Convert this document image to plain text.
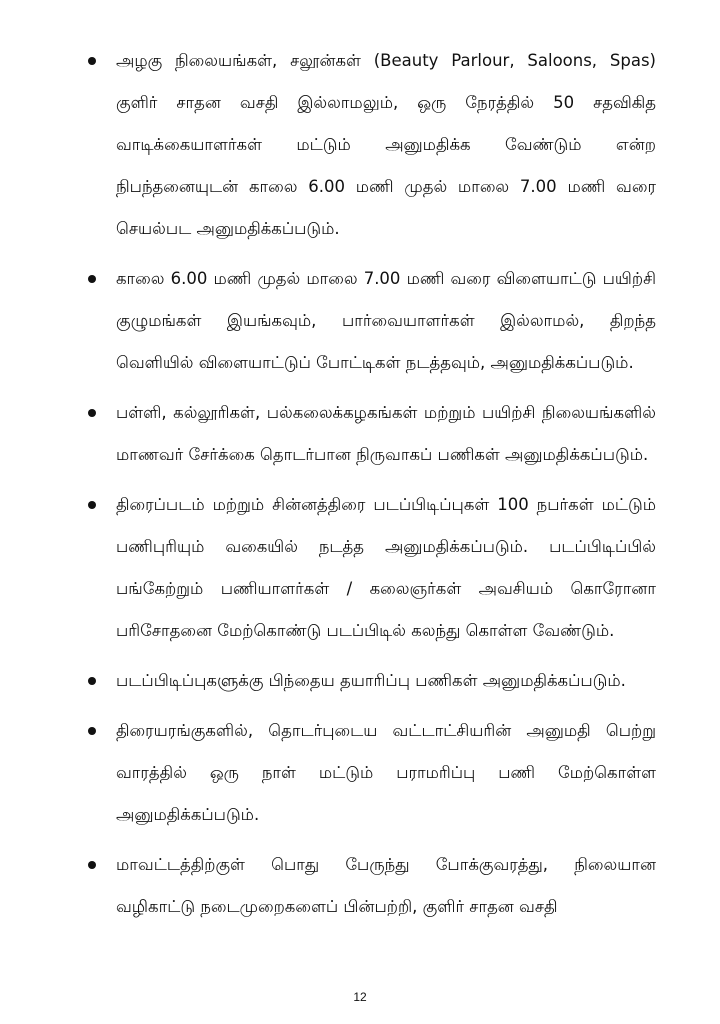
அழகு நிலையங்கள், சலூன்கள் (Beauty Parlour, Saloons, Spas) குளிர் சாதன வசதி இல்லாமலும், ஒரு நேரத்தில் 50 சதவிகித வாடிக்கையாளர்கள் மட்டும் அனுமதிக்க வேண்டும் என்ற நிபந்தனையுடன் காலை 6.00 மணி முதல் மாலை 7.00 மணி வரை செயல்பட அனுமதிக்கப்படும்.
காலை 6.00 மணி முதல் மாலை 7.00 மணி வரை விளையாட்டு பயிற்சி குழுமங்கள் இயங்கவும், பார்வையாளர்கள் இல்லாமல், திறந்த வெளியில் விளையாட்டுப் போட்டிகள் நடத்தவும், அனுமதிக்கப்படும்.
பள்ளி, கல்லூரிகள், பல்கலைக்கழகங்கள் மற்றும் பயிற்சி நிலையங்களில் மாணவர் சேர்க்கை தொடர்பான நிருவாகப் பணிகள் அனுமதிக்கப்படும்.
திரைப்படம் மற்றும் சின்னத்திரை படப்பிடிப்புகள் 100 நபர்கள் மட்டும் பணிபுரியும் வகையில் நடத்த அனுமதிக்கப்படும். படப்பிடிப்பில் பங்கேற்றும் பணியாளர்கள் / கலைஞர்கள் அவசியம் கொரோனா பரிசோதனை மேற்கொண்டு படப்பிடில் கலந்து கொள்ள வேண்டும்.
படப்பிடிப்புகளுக்கு பிந்தைய தயாரிப்பு பணிகள் அனுமதிக்கப்படும்.
திரையரங்குகளில், தொடர்புடைய வட்டாட்சியரின் அனுமதி பெற்று வாரத்தில் ஒரு நாள் மட்டும் பராமரிப்பு பணி மேற்கொள்ள அனுமதிக்கப்படும்.
மாவட்டத்திற்குள் பொது பேருந்து போக்குவரத்து, நிலையான வழிகாட்டு நடைமுறைகளைப் பின்பற்றி, குளிர் சாதன வசதி
12
